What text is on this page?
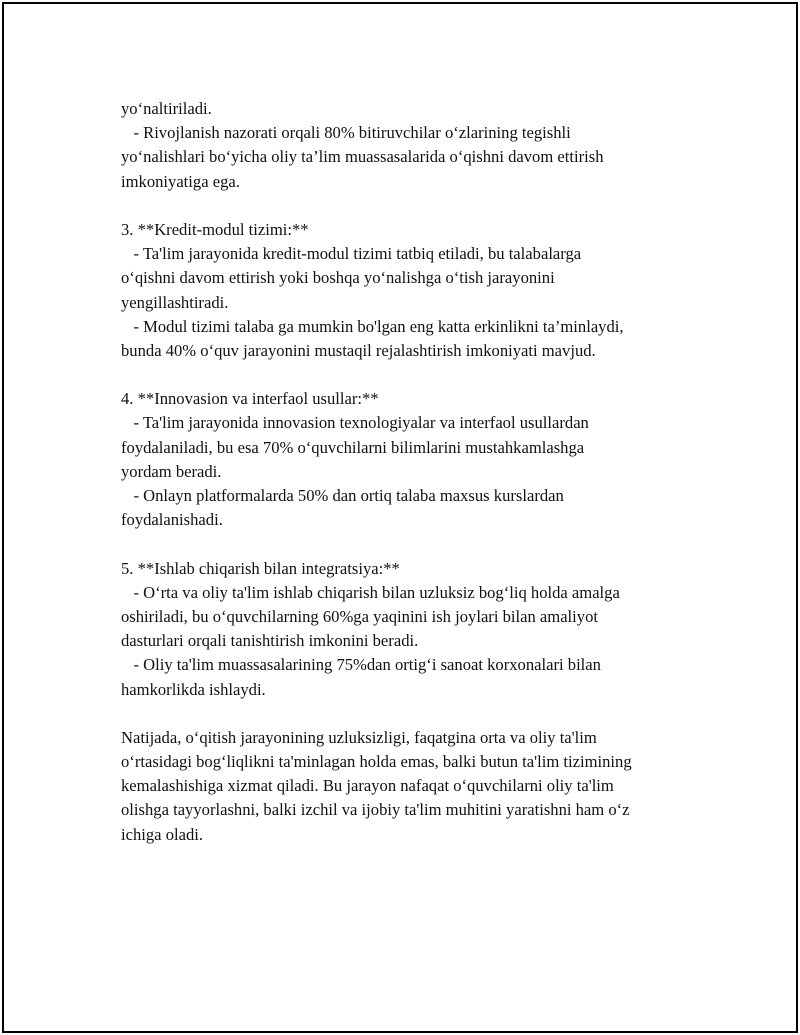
yo‘naltiriladi.
- Rivojlanish nazorati orqali 80% bitiruvchilar o‘zlarining tegishli
yo‘nalishlari bo‘yicha oliy ta’lim muassasalarida o‘qishni davom ettirish
imkoniyatiga ega.
3. **Kredit-modul tizimi:**
- Ta'lim jarayonida kredit-modul tizimi tatbiq etiladi, bu talabalarga
o‘qishni davom ettirish yoki boshqa yo‘nalishga o‘tish jarayonini
yengillashtiradi.
- Modul tizimi talaba ga mumkin bo'lgan eng katta erkinlikni ta’minlaydi,
bunda 40% o‘quv jarayonini mustaqil rejalashtirish imkoniyati mavjud.
4. **Innovasion va interfaol usullar:**
- Ta'lim jarayonida innovasion texnologiyalar va interfaol usullardan
foydalaniladi, bu esa 70% o‘quvchilarni bilimlarini mustahkamlashga
yordam beradi.
- Onlayn platformalarda 50% dan ortiq talaba maxsus kurslardan
foydalanishadi.
5. **Ishlab chiqarish bilan integratsiya:**
- O‘rta va oliy ta'lim ishlab chiqarish bilan uzluksiz bog‘liq holda amalga
oshiriladi, bu o‘quvchilarning 60%ga yaqinini ish joylari bilan amaliyot
dasturlari orqali tanishtirish imkonini beradi.
- Oliy ta'lim muassasalarining 75%dan ortig‘i sanoat korxonalari bilan
hamkorlikda ishlaydi.
Natijada, o‘qitish jarayonining uzluksizligi, faqatgina orta va oliy ta'lim
o‘rtasidagi bog‘liqlikni ta'minlagan holda emas, balki butun ta'lim tizimining
kemalashishiga xizmat qiladi. Bu jarayon nafaqat o‘quvchilarni oliy ta'lim
olishga tayyorlashni, balki izchil va ijobiy ta'lim muhitini yaratishni ham o‘z
ichiga oladi.
